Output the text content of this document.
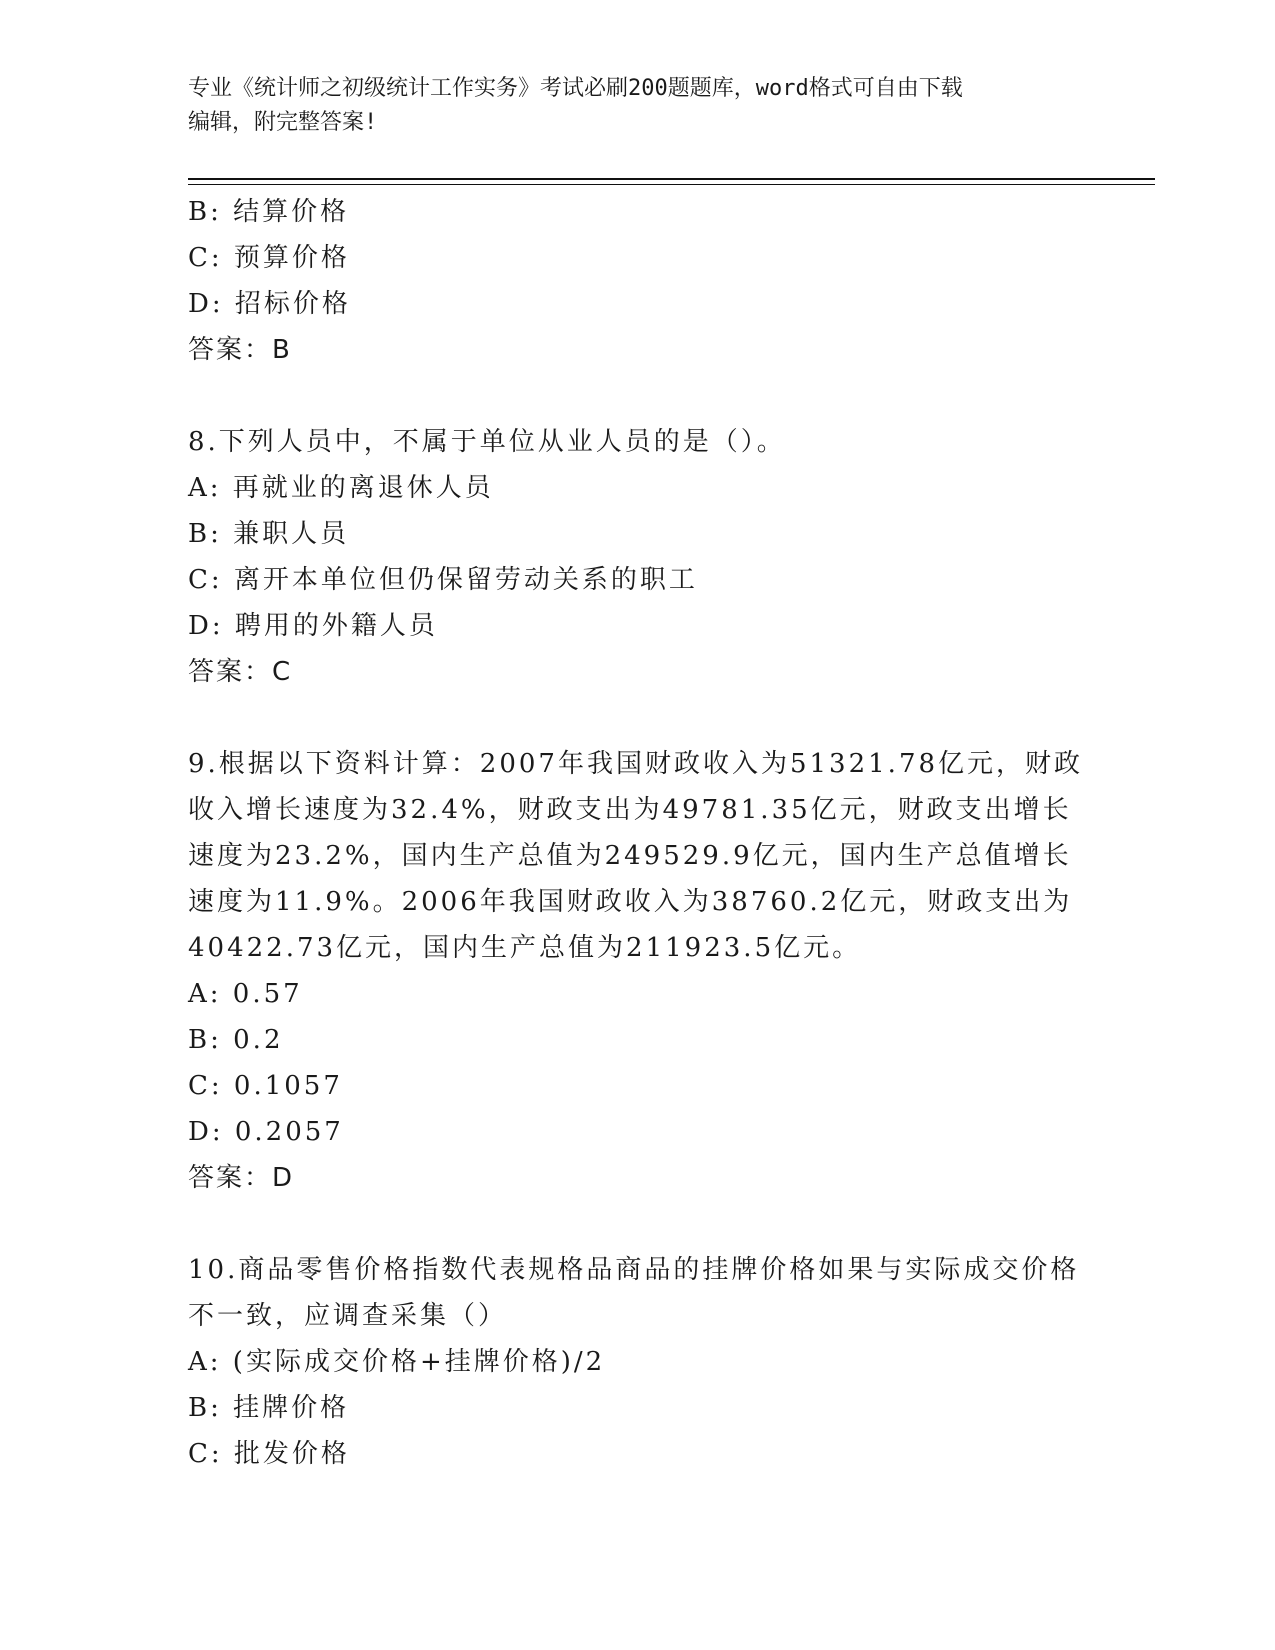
专业《统计师之初级统计工作实务》考试必刷200题题库，word格式可自由下载
编辑，附完整答案!
B: 结算价格
C: 预算价格
D: 招标价格
答案：B
8.下列人员中，不属于单位从业人员的是（）。
A: 再就业的离退休人员
B: 兼职人员
C: 离开本单位但仍保留劳动关系的职工
D: 聘用的外籍人员
答案：C
9.根据以下资料计算：2007年我国财政收入为51321.78亿元，财政
收入增长速度为32.4%，财政支出为49781.35亿元，财政支出增长
速度为23.2%，国内生产总值为249529.9亿元，国内生产总值增长
速度为11.9%。2006年我国财政收入为38760.2亿元，财政支出为
40422.73亿元，国内生产总值为211923.5亿元。
A: 0.57
B: 0.2
C: 0.1057
D: 0.2057
答案：D
10.商品零售价格指数代表规格品商品的挂牌价格如果与实际成交价格
不一致，应调查采集（）
A: (实际成交价格+挂牌价格)/2
B: 挂牌价格
C: 批发价格
